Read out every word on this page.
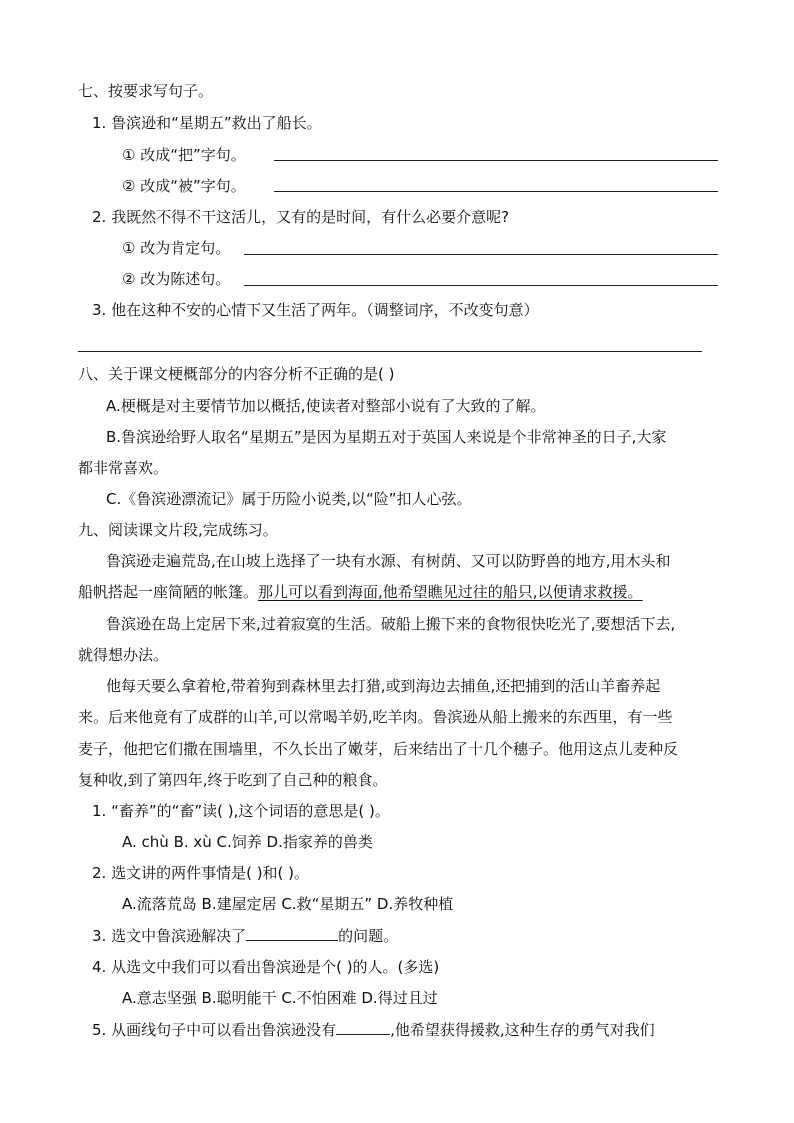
七、按要求写句子。
1. 鲁滨逊和“星期五”救出了船长。
① 改成“把”字句。
② 改成“被”字句。
2. 我既然不得不干这活儿，又有的是时间，有什么必要介意呢?
① 改为肯定句。
② 改为陈述句。
3. 他在这种不安的心情下又生活了两年。（调整词序，不改变句意）
八、关于课文梗概部分的内容分析不正确的是( )
A.梗概是对主要情节加以概括,使读者对整部小说有了大致的了解。
B.鲁滨逊给野人取名“星期五”是因为星期五对于英国人来说是个非常神圣的日子,大家
都非常喜欢。
C.《鲁滨逊漂流记》属于历险小说类,以“险”扣人心弦。
九、阅读课文片段,完成练习。
鲁滨逊走遍荒岛,在山坡上选择了一块有水源、有树荫、又可以防野兽的地方,用木头和
船帆搭起一座简陋的帐篷。那儿可以看到海面,他希望瞧见过往的船只,以便请求救援。
鲁滨逊在岛上定居下来,过着寂寞的生活。破船上搬下来的食物很快吃光了,要想活下去,
就得想办法。
他每天要么拿着枪,带着狗到森林里去打猎,或到海边去捕鱼,还把捕到的活山羊畜养起
来。后来他竟有了成群的山羊,可以常喝羊奶,吃羊肉。鲁滨逊从船上搬来的东西里，有一些
麦子，他把它们撒在围墙里，不久长出了嫩芽，后来结出了十几个穗子。他用这点儿麦种反
复种收,到了第四年,终于吃到了自己种的粮食。
1. “畜养”的“畜”读( ),这个词语的意思是( )。
A. chù B. xù C.饲养 D.指家养的兽类
2. 选文讲的两件事情是( )和( )。
A.流落荒岛 B.建屋定居 C.救“星期五” D.养牧种植
3. 选文中鲁滨逊解决了	的问题。
4. 从选文中我们可以看出鲁滨逊是个( )的人。(多选)
A.意志坚强 B.聪明能干 C.不怕困难 D.得过且过
5. 从画线句子中可以看出鲁滨逊没有	,他希望获得援救,这种生存的勇气对我们
